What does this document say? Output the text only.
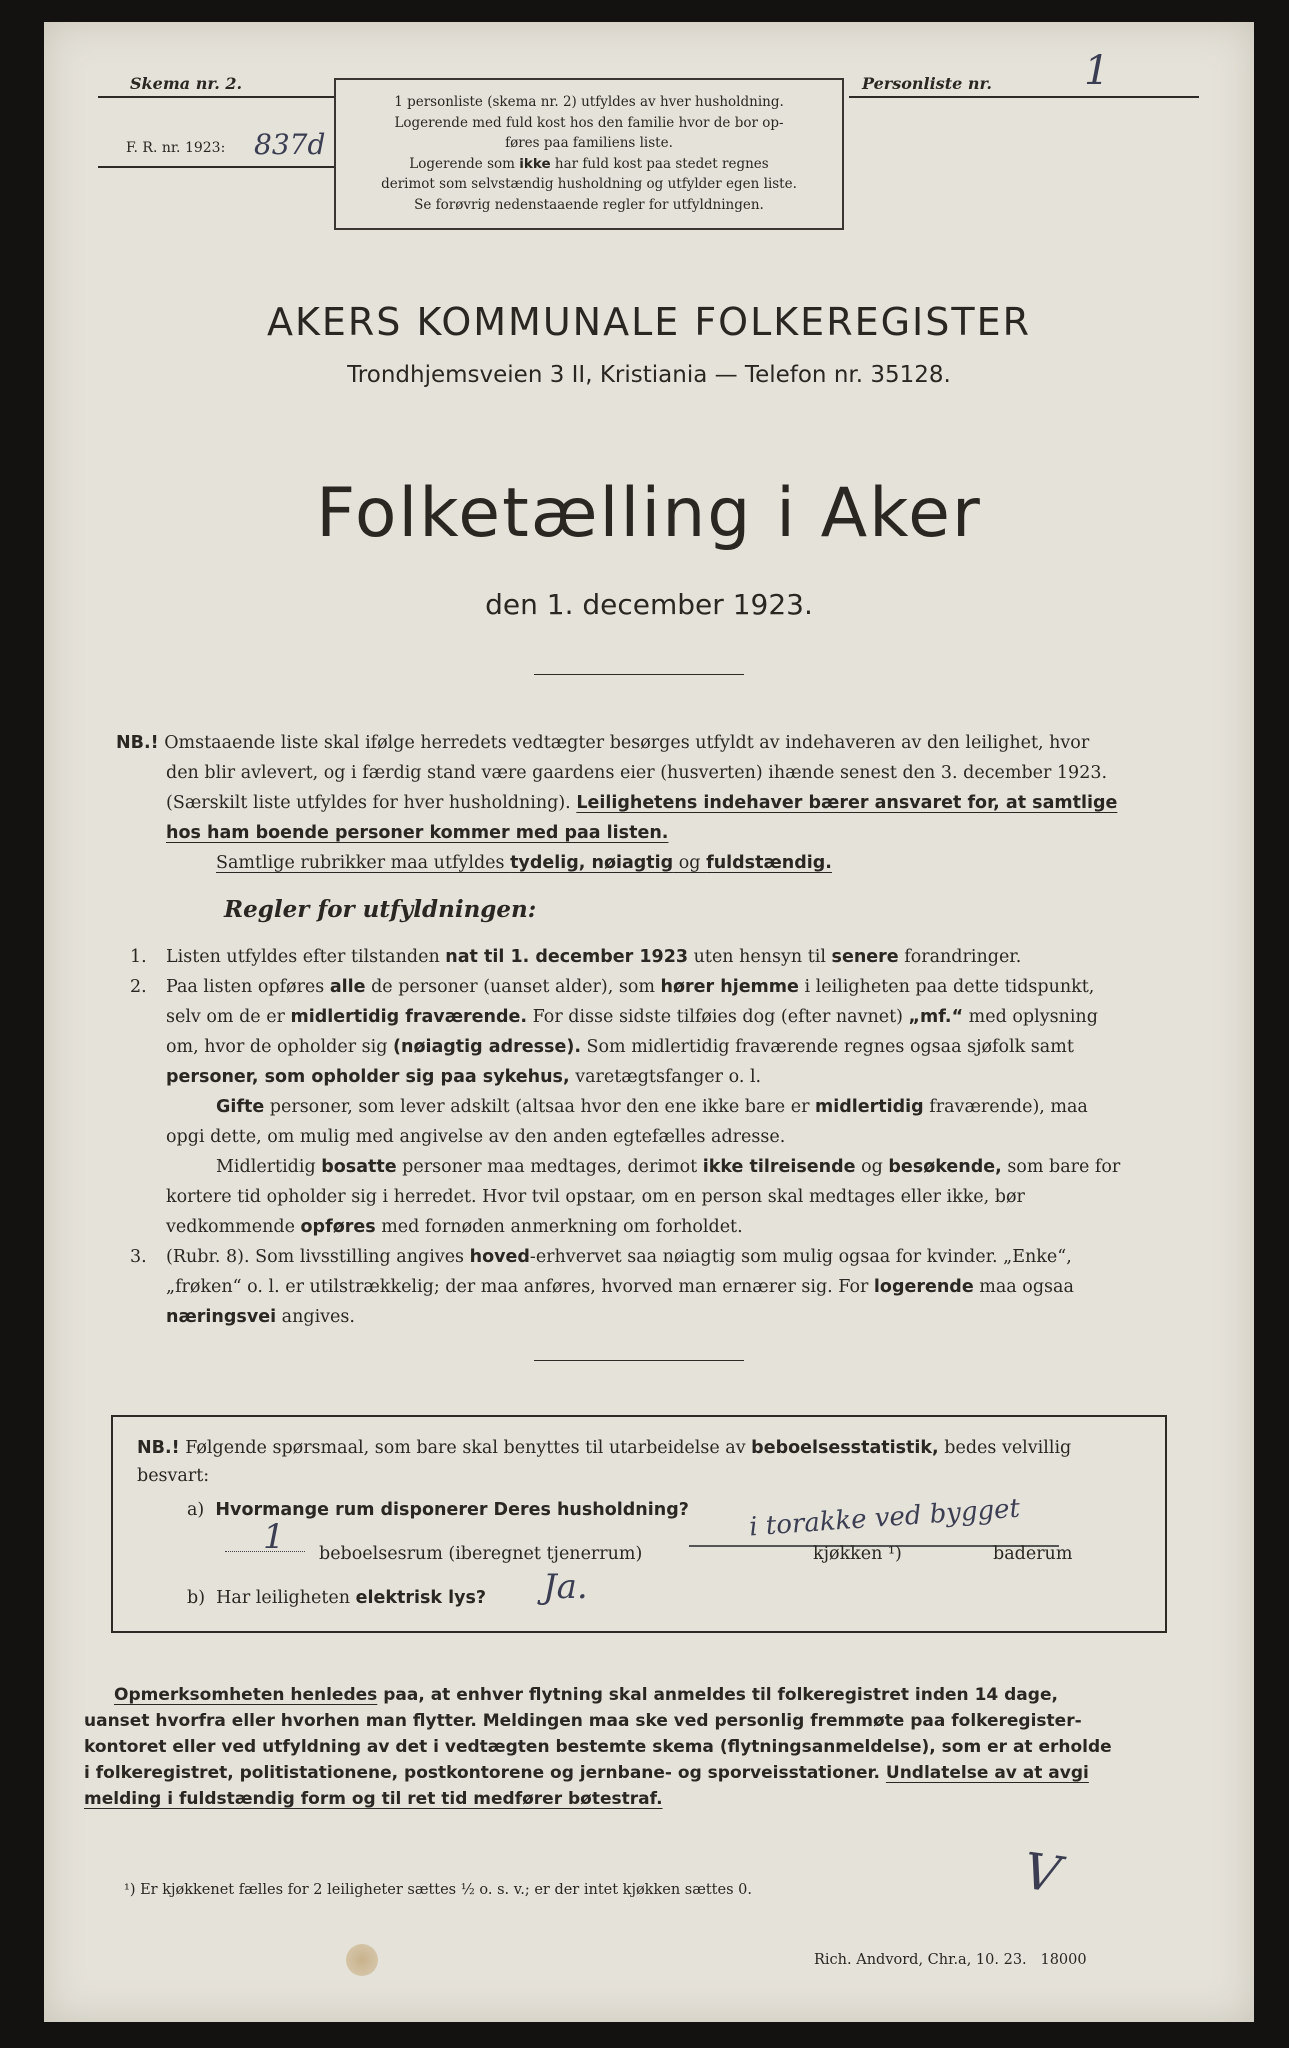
Skema nr. 2.
F. R. nr. 1923: 837d
1 personliste (skema nr. 2) utfyldes av hver husholdning.
Logerende med fuld kost hos den familie hvor de bor op-
føres paa familiens liste.
Logerende som ikke har fuld kost paa stedet regnes
derimot som selvstændig husholdning og utfylder egen liste.
Se forøvrig nedenstaaende regler for utfyldningen.
Personliste nr. 1
AKERS KOMMUNALE FOLKEREGISTER
Trondhjemsveien 3 II, Kristiania — Telefon nr. 35128.
Folketælling i Aker
den 1. december 1923.
NB.! Omstaaende liste skal ifølge herredets vedtægter besørges utfyldt av indehaveren av den leilighet, hvor
den blir avlevert, og i færdig stand være gaardens eier (husverten) ihænde senest den 3. december 1923.
(Særskilt liste utfyldes for hver husholdning). Leilighetens indehaver bærer ansvaret for, at samtlige
hos ham boende personer kommer med paa listen.
Samtlige rubrikker maa utfyldes tydelig, nøiagtig og fuldstændig.
Regler for utfyldningen:
1. Listen utfyldes efter tilstanden nat til 1. december 1923 uten hensyn til senere forandringer.
2. Paa listen opføres alle de personer (uanset alder), som hører hjemme i leiligheten paa dette tidspunkt,
selv om de er midlertidig fraværende. For disse sidste tilføies dog (efter navnet) „mf.“ med oplysning
om, hvor de opholder sig (nøiagtig adresse). Som midlertidig fraværende regnes ogsaa sjøfolk samt
personer, som opholder sig paa sykehus, varetægtsfanger o. l.
Gifte personer, som lever adskilt (altsaa hvor den ene ikke bare er midlertidig fraværende), maa
opgi dette, om mulig med angivelse av den anden egtefælles adresse.
Midlertidig bosatte personer maa medtages, derimot ikke tilreisende og besøkende, som bare for
kortere tid opholder sig i herredet. Hvor tvil opstaar, om en person skal medtages eller ikke, bør
vedkommende opføres med fornøden anmerkning om forholdet.
3. (Rubr. 8). Som livsstilling angives hoved-erhvervet saa nøiagtig som mulig ogsaa for kvinder. „Enke“,
„frøken“ o. l. er utilstrækkelig; der maa anføres, hvorved man ernærer sig. For logerende maa ogsaa
næringsvei angives.
NB.! Følgende spørsmaal, som bare skal benyttes til utarbeidelse av beboelsesstatistik, bedes velvillig
besvart:
a) Hvormange rum disponerer Deres husholdning?
1 beboelsesrum (iberegnet tjenerrum)	kjøkken ¹)	baderum
i torakke ved bygget
b) Har leiligheten elektrisk lys? Ja.
Opmerksomheten henledes paa, at enhver flytning skal anmeldes til folkeregistret inden 14 dage,
uanset hvorfra eller hvorhen man flytter. Meldingen maa ske ved personlig fremmøte paa folkeregister-
kontoret eller ved utfyldning av det i vedtægten bestemte skema (flytningsanmeldelse), som er at erholde
i folkeregistret, politistationene, postkontorene og jernbane- og sporveisstationer. Undlatelse av at avgi
melding i fuldstændig form og til ret tid medfører bøtestraf.
¹) Er kjøkkenet fælles for 2 leiligheter sættes ½ o. s. v.; er der intet kjøkken sættes 0.	V
Rich. Andvord, Chr.a, 10. 23.   18000
